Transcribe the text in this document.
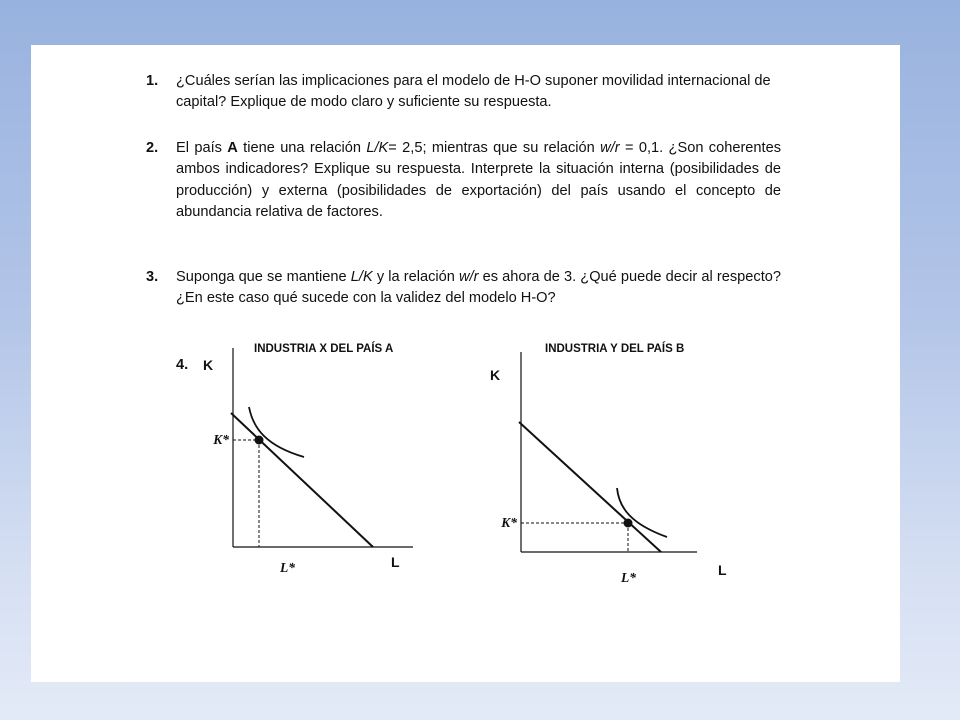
1. ¿Cuáles serían las implicaciones para el modelo de H-O suponer movilidad internacional de capital? Explique de modo claro y suficiente su respuesta.
2. El país A tiene una relación L/K= 2,5; mientras que su relación w/r = 0,1. ¿Son coherentes ambos indicadores? Explique su respuesta. Interprete la situación interna (posibilidades de producción) y externa (posibilidades de exportación) del país usando el concepto de abundancia relativa de factores.
3. Suponga que se mantiene L/K y la relación w/r es ahora de 3. ¿Qué puede decir al respecto? ¿En este caso qué sucede con la validez del modelo H-O?
4.
INDUSTRIA X DEL PAÍS A
K
L
K*
L*
INDUSTRIA Y DEL PAÍS B
K
L
K*
L*
